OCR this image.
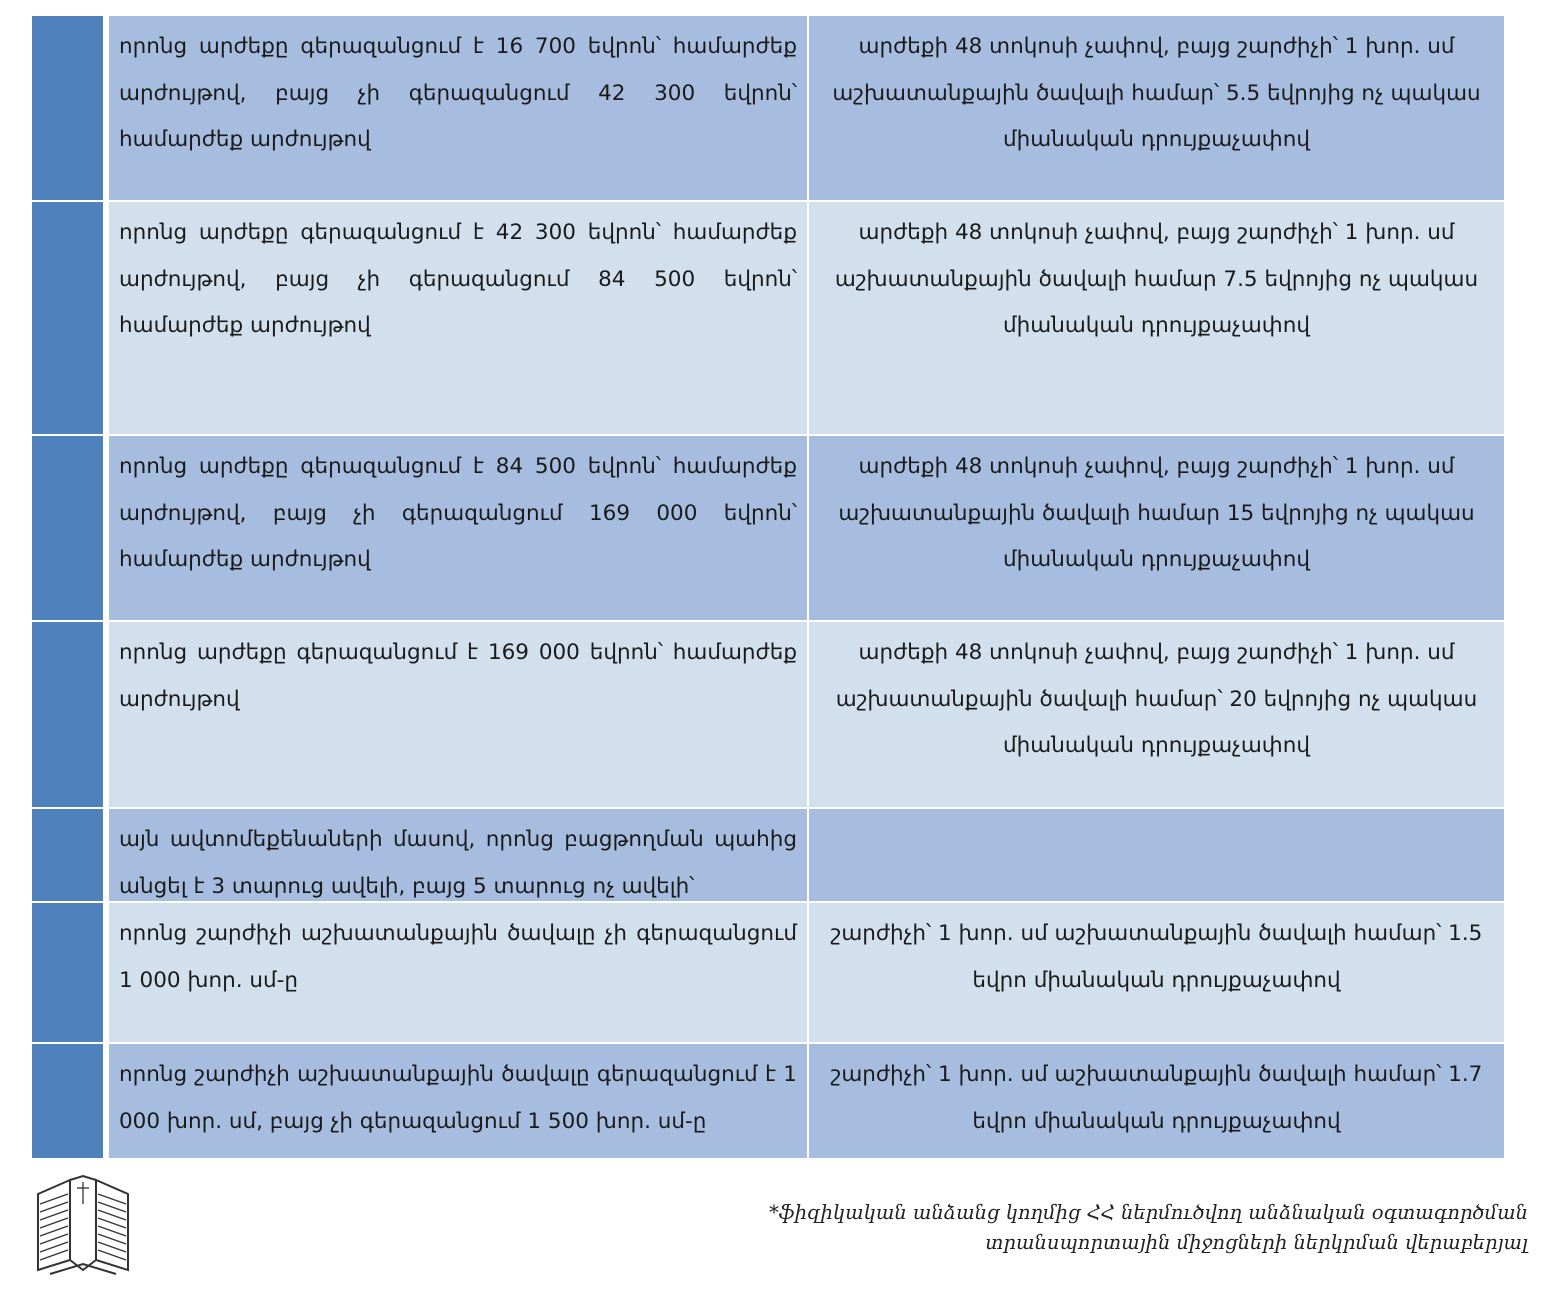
որոնց արժեքը գերազանցում է 16 700 եվրոն՝ համարժեք արժույթով, բայց չի գերազանցում 42 300 եվրոն՝ համարժեք արժույթով
արժեքի 48 տոկոսի չափով, բայց շարժիչի՝ 1 խոր. սմ աշխատանքային ծավալի համար՝ 5.5 եվրոյից ոչ պակաս միանական դրույքաչափով
որոնց արժեքը գերազանցում է 42 300 եվրոն՝ համարժեք արժույթով, բայց չի գերազանցում 84 500 եվրոն՝ համարժեք արժույթով
արժեքի 48 տոկոսի չափով, բայց շարժիչի՝ 1 խոր. սմ աշխատանքային ծավալի համար 7.5 եվրոյից ոչ պակաս միանական դրույքաչափով
որոնց արժեքը գերազանցում է 84 500 եվրոն՝ համարժեք արժույթով, բայց չի գերազանցում 169 000 եվրոն՝ համարժեք արժույթով
արժեքի 48 տոկոսի չափով, բայց շարժիչի՝ 1 խոր. սմ աշխատանքային ծավալի համար 15 եվրոյից ոչ պակաս միանական դրույքաչափով
որոնց արժեքը գերազանցում է 169 000 եվրոն՝ համարժեք արժույթով
արժեքի 48 տոկոսի չափով, բայց շարժիչի՝ 1 խոր. սմ աշխատանքային ծավալի համար՝ 20 եվրոյից ոչ պակաս միանական դրույքաչափով
այն ավտոմեքենաների մասով, որոնց բացթողման պահից անցել է 3 տարուց ավելի, բայց 5 տարուց ոչ ավելի՝
որոնց շարժիչի աշխատանքային ծավալը չի գերազանցում 1 000 խոր. սմ-ը
շարժիչի՝ 1 խոր. սմ աշխատանքային ծավալի համար՝ 1.5 եվրո միանական դրույքաչափով
որոնց շարժիչի աշխատանքային ծավալը գերազանցում է 1 000 խոր. սմ, բայց չի գերազանցում 1 500 խոր. սմ-ը
շարժիչի՝ 1 խոր. սմ աշխատանքային ծավալի համար՝ 1.7 եվրո միանական դրույքաչափով
*ֆիզիկական անձանց կողմից ՀՀ ներմուծվող անձնական օգտագործման
տրանսպորտային միջոցների ներկրման վերաբերյալ
